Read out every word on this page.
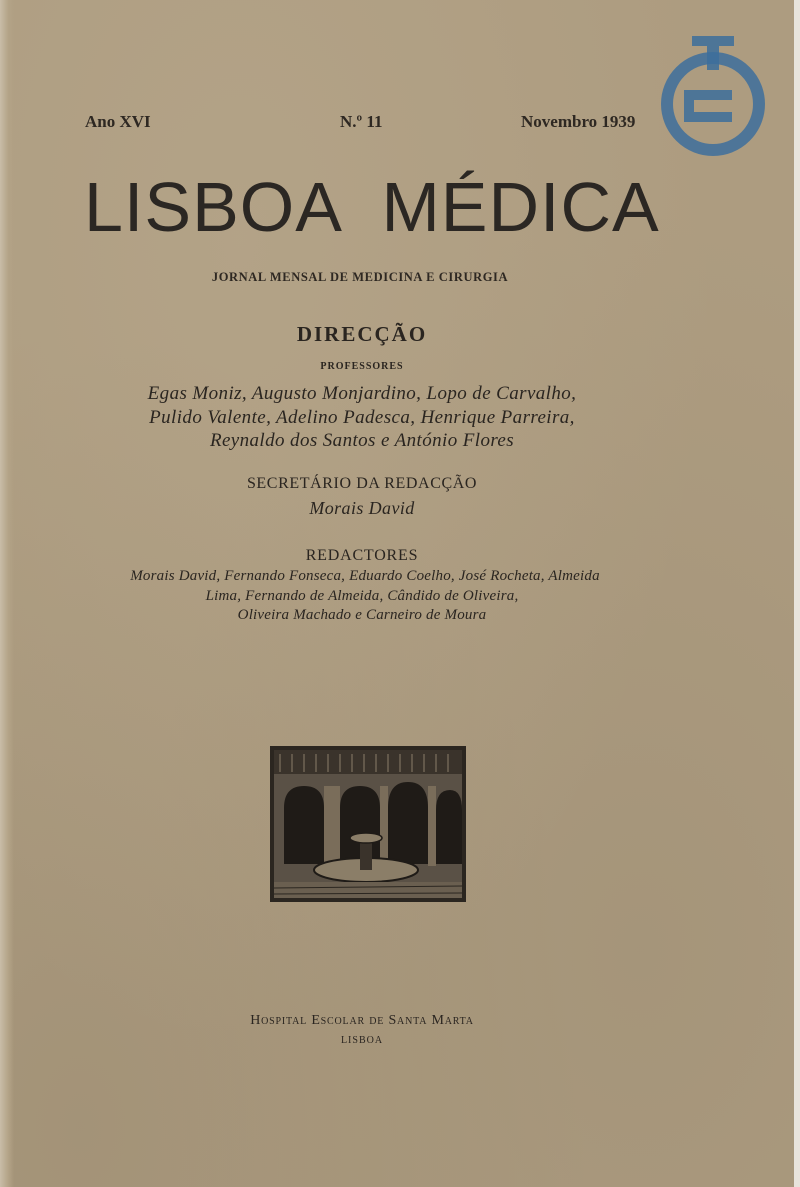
Ano XVI	N.º 11	Novembro 1939
LISBOA MÉDICA
JORNAL MENSAL DE MEDICINA E CIRURGIA
DIRECÇÃO
PROFESSORES
Egas Moniz, Augusto Monjardino, Lopo de Carvalho,
Pulido Valente, Adelino Padesca, Henrique Parreira,
Reynaldo dos Santos e António Flores
SECRETÁRIO DA REDACÇÃO
Morais David
REDACTORES
Morais David, Fernando Fonseca, Eduardo Coelho, José Rocheta, Almeida
Lima, Fernando de Almeida, Cândido de Oliveira,
Oliveira Machado e Carneiro de Moura
Hospital Escolar de Santa Marta
LISBOA
